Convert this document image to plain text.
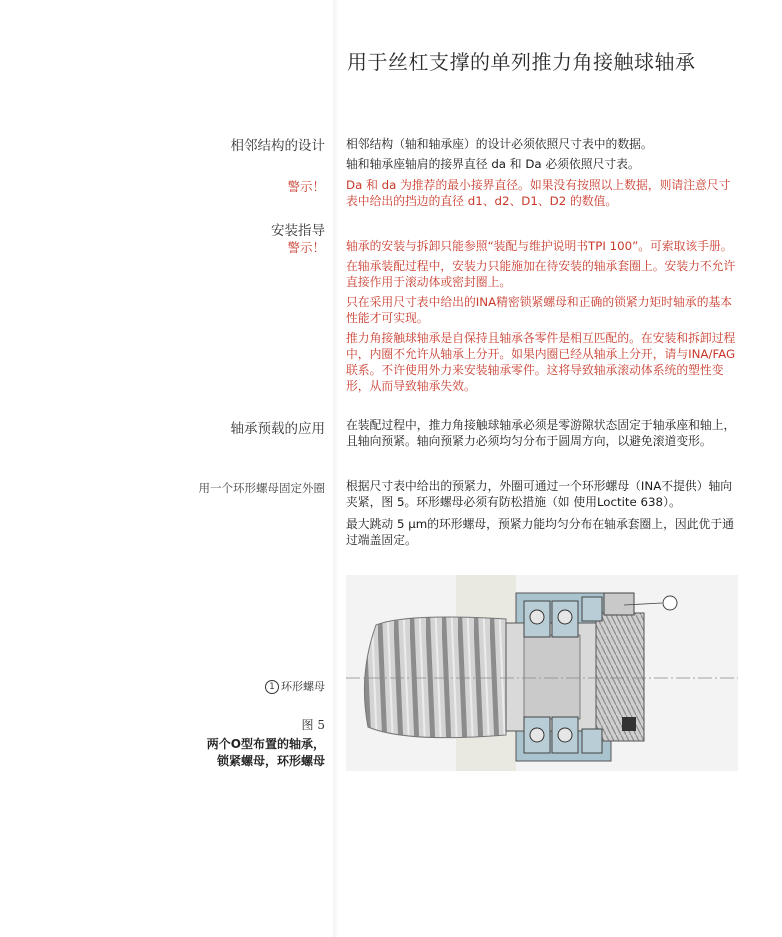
用于丝杠支撑的单列推力角接触球轴承
相邻结构的设计 相邻结构（轴和轴承座）的设计必须依照尺寸表中的数据。

轴和轴承座轴肩的接界直径 da 和 Da 必须依照尺寸表。

警示！ Da 和 da 为推荐的最小接界直径。如果没有按照以上数据，则请注意尺寸表中给出的挡边的直径 d1、d2、D1、D2 的数值。
安装指导
警示！ 轴承的安装与拆卸只能参照“装配与维护说明书TPI 100”。可索取该手册。

在轴承装配过程中，安装力只能施加在待安装的轴承套圈上。安装力不允许直接作用于滚动体或密封圈上。

只在采用尺寸表中给出的INA精密锁紧螺母和正确的锁紧力矩时轴承的基本性能才可实现。

推力角接触球轴承是自保持且轴承各零件是相互匹配的。在安装和拆卸过程中，内圈不允许从轴承上分开。如果内圈已经从轴承上分开，请与INA/FAG联系。不许使用外力来安装轴承零件。这将导致轴承滚动体系统的塑性变形，从而导致轴承失效。

轴承预载的应用 在装配过程中，推力角接触球轴承必须是零游隙状态固定于轴承座和轴上，且轴向预紧。轴向预紧力必须均匀分布于圆周方向，以避免滚道变形。
用一个环形螺母固定外圈 根据尺寸表中给出的预紧力，外圈可通过一个环形螺母（INA不提供）轴向夹紧，图 5。环形螺母必须有防松措施（如 使用Loctite 638）。

最大跳动 5 μm的环形螺母，预紧力能均匀分布在轴承套圈上，因此优于通过端盖固定。

1 环形螺母
图 5
两个O型布置的轴承，
锁紧螺母，环形螺母
